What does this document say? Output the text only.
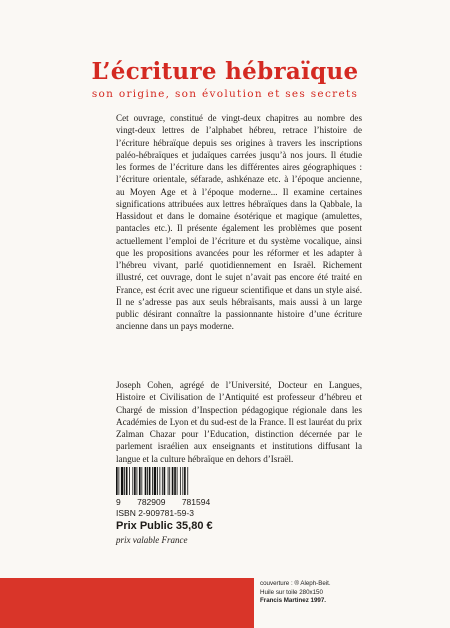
L’écriture hébraïque
son origine, son évolution et ses secrets

Cet ouvrage, constitué de vingt-deux chapitres au nombre des vingt-deux lettres de l’alphabet hébreu, retrace l’histoire de l’écriture hébraïque depuis ses origines à travers les inscriptions paléo-hébraïques et judaïques carrées jusqu’à nos jours. Il étudie les formes de l’écriture dans les différentes aires géographiques : l’écriture orientale, séfarade, ashkénaze etc. à l’époque ancienne, au Moyen Age et à l’époque moderne... Il examine certaines significations attribuées aux lettres hébraïques dans la Qabbale, la Hassidout et dans le domaine ésotérique et magique (amulettes, pantacles etc.). Il présente également les problèmes que posent actuellement l’emploi de l’écriture et du système vocalique, ainsi que les propositions avancées pour les réformer et les adapter à l’hébreu vivant, parlé quotidiennement en Israël. Richement illustré, cet ouvrage, dont le sujet n’avait pas encore été traité en France, est écrit avec une rigueur scientifique et dans un style aisé. Il ne s’adresse pas aux seuls hébraïsants, mais aussi à un large public désirant connaître la passionnante histoire d’une écriture ancienne dans un pays moderne.

Joseph Cohen, agrégé de l’Université, Docteur en Langues, Histoire et Civilisation de l’Antiquité est professeur d’hébreu et Chargé de mission d’Inspection pédagogique régionale dans les Académies de Lyon et du sud-est de la France. Il est lauréat du prix Zalman Chazar pour l’Education, distinction décernée par le parlement israélien aux enseignants et institutions diffusant la langue et la culture hébraïque en dehors d’Israël.

9 782909 781594
ISBN 2-909781-59-3
Prix Public 35,80 €
prix valable France
couverture : ® Aleph-Beit.
Huile sur toile 280x150
Francis Martinez 1997.
